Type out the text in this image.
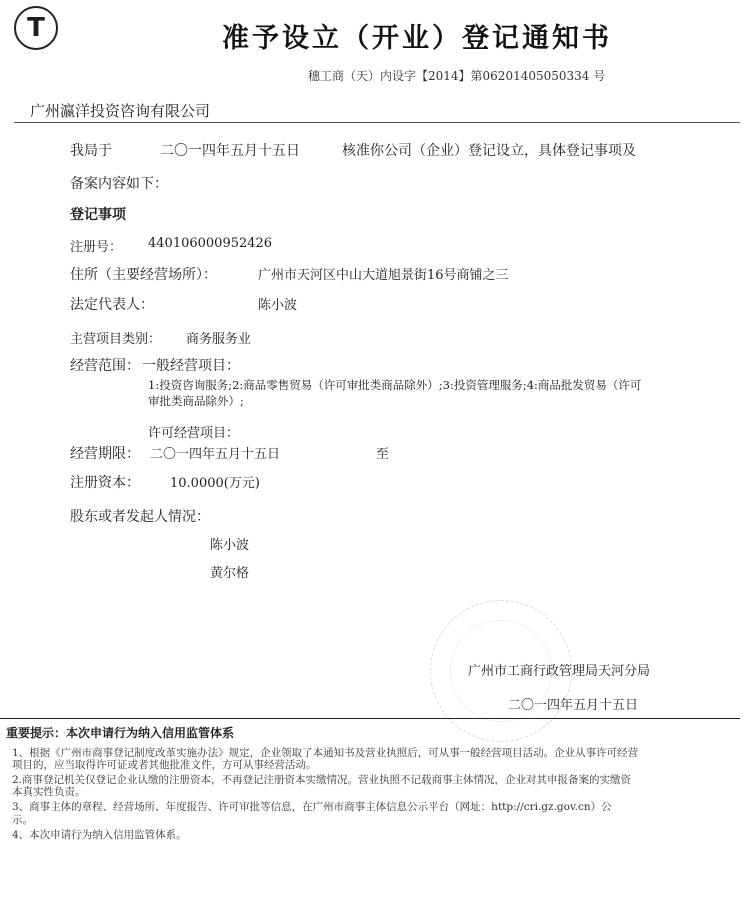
T	准予设立（开业）登记通知书
穗工商（天）内设字【2014】第06201405050334 号
广州瀛洋投资咨询有限公司
我局于	二〇一四年五月十五日	核准你公司（企业）登记设立，具体登记事项及
备案内容如下：
登记事项
注册号： 440106000952426
住所（主要经营场所）：	广州市天河区中山大道旭景街16号商铺之三
法定代表人：	陈小波
主营项目类别： 商务服务业
经营范围： 一般经营项目：
1:投资咨询服务;2:商品零售贸易（许可审批类商品除外）;3:投资管理服务;4:商品批发贸易（许可
审批类商品除外）;
许可经营项目：
经营期限： 二〇一四年五月十五日	至
注册资本： 10.0000(万元)
股东或者发起人情况：
陈小波
黄尔格
广州市工商行政管理局天河分局
二〇一四年五月十五日
重要提示：本次申请行为纳入信用监管体系
1、根据《广州市商事登记制度改革实施办法》规定，企业领取了本通知书及营业执照后，可从事一般经营项目活动。企业从事许可经营
项目的，应当取得许可证或者其他批准文件，方可从事经营活动。
2.商事登记机关仅登记企业认缴的注册资本，不再登记注册资本实缴情况。营业执照不记载商事主体情况，企业对其申报备案的实缴资
本真实性负责。
3、商事主体的章程、经营场所、年度报告、许可审批等信息，在广州市商事主体信息公示平台（网址：http://cri.gz.gov.cn）公
示。
4、本次申请行为纳入信用监管体系。
